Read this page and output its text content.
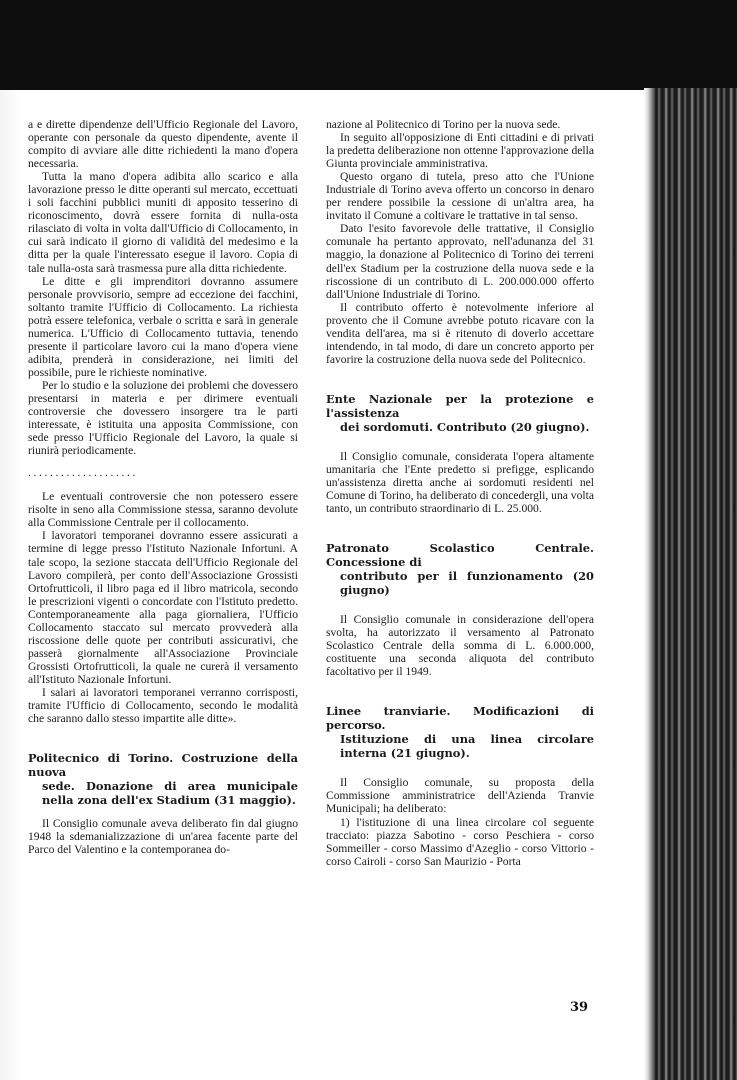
a e dirette dipendenze dell'Ufficio Regionale del Lavoro, operante con personale da questo dipendente, avente il compito di avviare alle ditte richiedenti la mano d'opera necessaria.

Tutta la mano d'opera adibita allo scarico e alla lavorazione presso le ditte operanti sul mercato, eccettuati i soli facchini pubblici muniti di apposito tesserino di riconoscimento, dovrà essere fornita di nulla-osta rilasciato di volta in volta dall'Ufficio di Collocamento, in cui sarà indicato il giorno di validità del medesimo e la ditta per la quale l'interessato esegue il lavoro. Copia di tale nulla-osta sarà trasmessa pure alla ditta richiedente.

Le ditte e gli imprenditori dovranno assumere personale provvisorio, sempre ad eccezione dei facchini, soltanto tramite l'Ufficio di Collocamento. La richiesta potrà essere telefonica, verbale o scritta e sarà in generale numerica. L'Ufficio di Collocamento tuttavia, tenendo presente il particolare lavoro cui la mano d'opera viene adibita, prenderà in considerazione, nei limiti del possibile, pure le richieste nominative.

Per lo studio e la soluzione dei problemi che dovessero presentarsi in materia e per dirimere eventuali controversie che dovessero insorgere tra le parti interessate, è istituita una apposita Commissione, con sede presso l'Ufficio Regionale del Lavoro, la quale si riunirà periodicamente.

. . . . . . . . . . . . . . . . . . . .

Le eventuali controversie che non potessero essere risolte in seno alla Commissione stessa, saranno devolute alla Commissione Centrale per il collocamento.

I lavoratori temporanei dovranno essere assicurati a termine di legge presso l'Istituto Nazionale Infortuni. A tale scopo, la sezione staccata dell'Ufficio Regionale del Lavoro compilerà, per conto dell'Associazione Grossisti Ortofrutticoli, il libro paga ed il libro matricola, secondo le prescrizioni vigenti o concordate con l'Istituto predetto. Contemporaneamente alla paga giornaliera, l'Ufficio Collocamento staccato sul mercato provvederà alla riscossione delle quote per contributi assicurativi, che passerà giornalmente all'Associazione Provinciale Grossisti Ortofrutticoli, la quale ne curerà il versamento all'Istituto Nazionale Infortuni.

I salari ai lavoratori temporanei verranno corrisposti, tramite l'Ufficio di Collocamento, secondo le modalità che saranno dallo stesso impartite alle ditte».

Politecnico di Torino. Costruzione della nuova
sede. Donazione di area municipale nella zona dell'ex Stadium (31 maggio).

Il Consiglio comunale aveva deliberato fin dal giugno 1948 la sdemanializzazione di un'area facente parte del Parco del Valentino e la contemporanea do-

nazione al Politecnico di Torino per la nuova sede.

In seguito all'opposizione di Enti cittadini e di privati la predetta deliberazione non ottenne l'approvazione della Giunta provinciale amministrativa.

Questo organo di tutela, preso atto che l'Unione Industriale di Torino aveva offerto un concorso in denaro per rendere possibile la cessione di un'altra area, ha invitato il Comune a coltivare le trattative in tal senso.

Dato l'esito favorevole delle trattative, il Consiglio comunale ha pertanto approvato, nell'adunanza del 31 maggio, la donazione al Politecnico di Torino dei terreni dell'ex Stadium per la costruzione della nuova sede e la riscossione di un contributo di L. 200.000.000 offerto dall'Unione Industriale di Torino.

Il contributo offerto è notevolmente inferiore al provento che il Comune avrebbe potuto ricavare con la vendita dell'area, ma si è ritenuto di doverlo accettare intendendo, in tal modo, di dare un concreto apporto per favorire la costruzione della nuova sede del Politecnico.

Ente Nazionale per la protezione e l'assistenza
dei sordomuti. Contributo (20 giugno).

Il Consiglio comunale, considerata l'opera altamente umanitaria che l'Ente predetto si prefigge, esplicando un'assistenza diretta anche ai sordomuti residenti nel Comune di Torino, ha deliberato di concedergli, una volta tanto, un contributo straordinario di L. 25.000.

Patronato Scolastico Centrale. Concessione di
contributo per il funzionamento (20 giugno)

Il Consiglio comunale in considerazione dell'opera svolta, ha autorizzato il versamento al Patronato Scolastico Centrale della somma di L. 6.000.000, costituente una seconda aliquota del contributo facoltativo per il 1949.

Linee tranviarie. Modificazioni di percorso.
Istituzione di una linea circolare interna (21 giugno).

Il Consiglio comunale, su proposta della Commissione amministratrice dell'Azienda Tranvie Municipali; ha deliberato:

1) l'istituzione di una linea circolare col seguente tracciato: piazza Sabotino - corso Peschiera - corso Sommeiller - corso Massimo d'Azeglio - corso Vittorio - corso Cairoli - corso San Maurizio - Porta

39
